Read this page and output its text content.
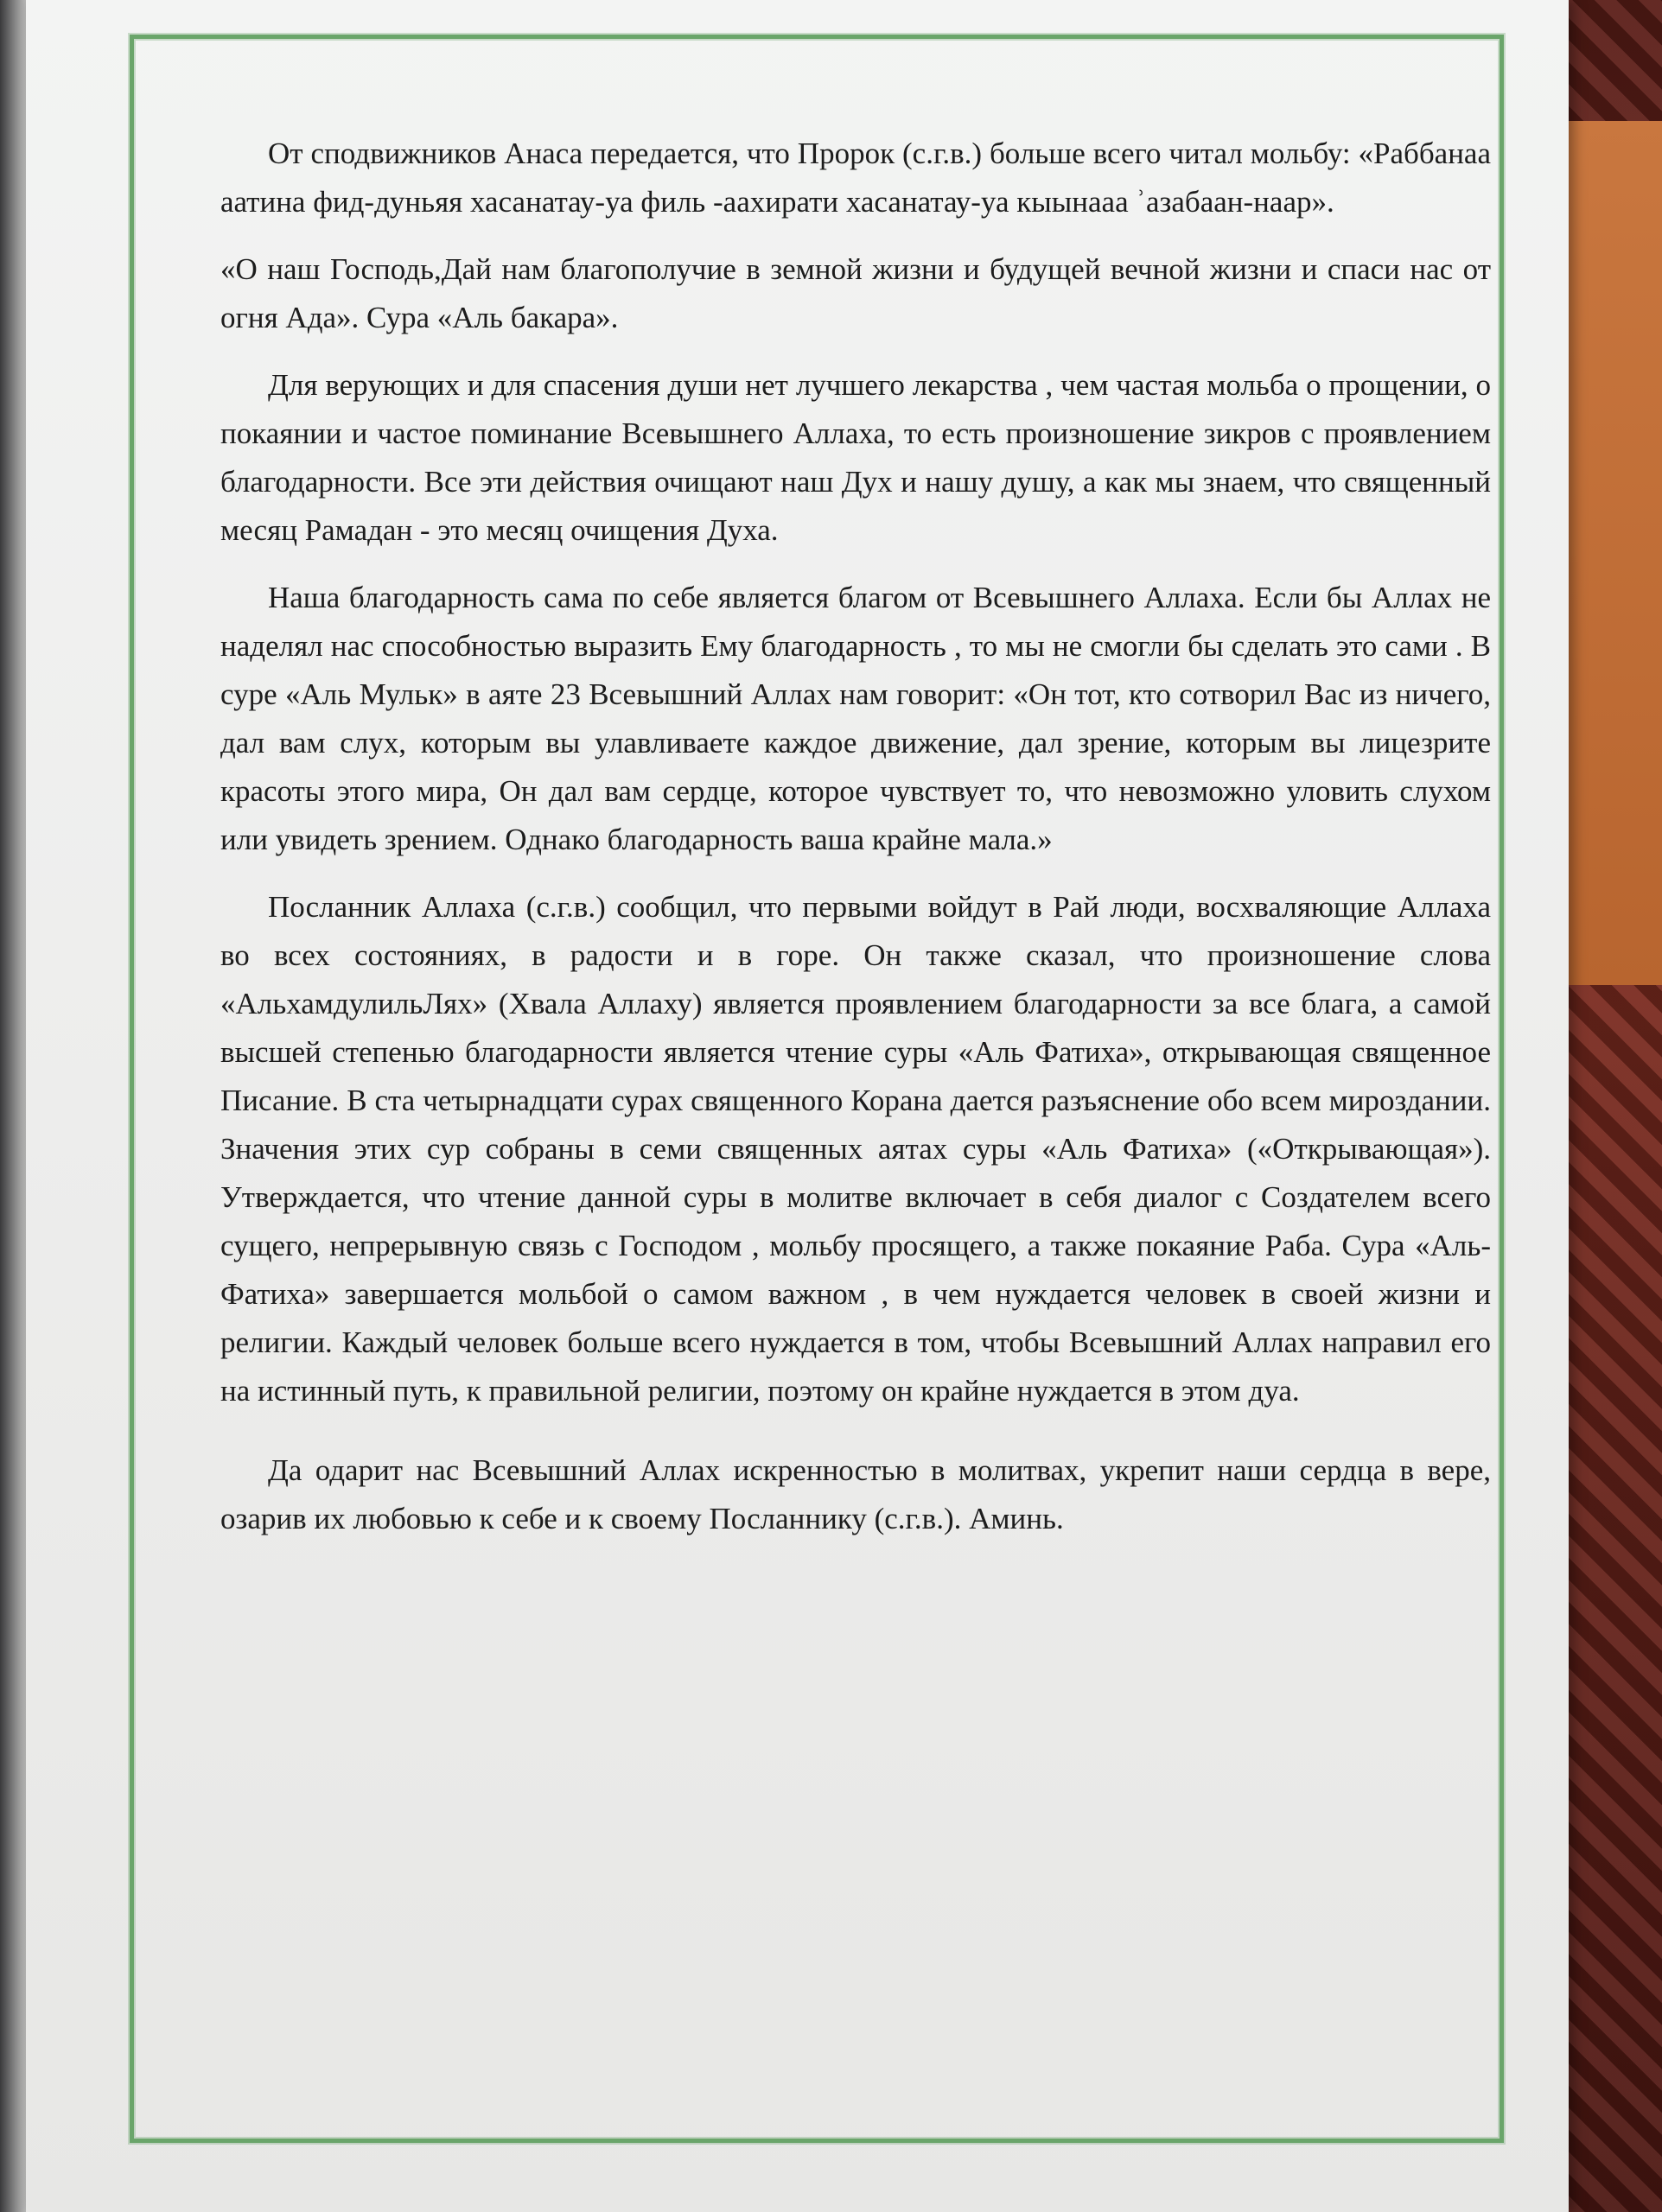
От сподвижников Анаса передается, что Пророк (с.г.в.) больше всего читал мольбу: «Раббанаа аатина фид-дуньяя хасанатау-уа филь -аахирати хасанатау-уа кыынааа ʾазабаан-наар».

«О наш Господь,Дай нам благополучие в земной жизни и будущей вечной жизни и спаси нас от огня Ада». Сура «Аль бакара».

Для верующих и для спасения души нет лучшего лекарства , чем частая мольба о прощении, о покаянии и частое поминание Всевышнего Аллаха, то есть произношение зикров с проявлением благодарности. Все эти действия очищают наш Дух и нашу душу, а как мы знаем, что священный месяц Рамадан - это месяц очищения Духа.

Наша благодарность сама по себе является благом от Всевышнего Аллаха. Если бы Аллах не наделял нас способностью выразить Ему благодарность , то мы не смогли бы сделать это сами . В суре «Аль Мульк» в аяте 23 Всевышний Аллах нам говорит: «Он тот, кто сотворил Вас из ничего, дал вам слух, которым вы улавливаете каждое движение, дал зрение, которым вы лицезрите красоты этого мира, Он дал вам сердце, которое чувствует то, что невозможно уловить слухом или увидеть зрением. Однако благодарность ваша крайне мала.»

Посланник Аллаха (с.г.в.) сообщил, что первыми войдут в Рай люди, восхваляющие Аллаха во всех состояниях, в радости и в горе. Он также сказал, что произношение слова «АльхамдулильЛях» (Хвала Аллаху) является проявлением благодарности за все блага, а самой высшей степенью благодарности является чтение суры «Аль Фатиха», открывающая священное Писание. В ста четырнадцати сурах священного Корана дается разъяснение обо всем мироздании. Значения этих сур собраны в семи священных аятах суры «Аль Фатиха» («Открывающая»). Утверждается, что чтение данной суры в молитве включает в себя диалог с Создателем всего сущего, непрерывную связь с Господом , мольбу просящего, а также покаяние Раба. Сура «Аль- Фатиха» завершается мольбой о самом важном , в чем нуждается человек в своей жизни и религии. Каждый человек больше всего нуждается в том, чтобы Всевышний Аллах направил его на истинный путь, к правильной религии, поэтому он крайне нуждается в этом дуа.

Да одарит нас Всевышний Аллах искренностью в молитвах, укрепит наши сердца в вере, озарив их любовью к себе и к своему Посланнику (с.г.в.). Аминь.
